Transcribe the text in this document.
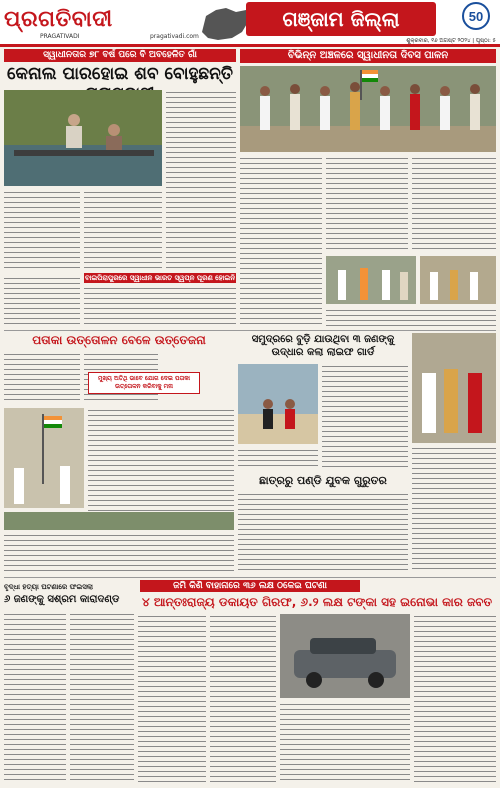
ପ୍ରଗତିବାଦୀ
PRAGATIVADI	pragativadi.com
ଗଞ୍ଜାମ ଜିଲ୍ଲା	50
ଶୁକ୍ରବାର, ୧୬ ଅଗଷ୍ଟ ୨୦୨୪ | ପୃଷ୍ଠା: ୫
ସ୍ୱାଧୀନତାର ୭୮ ବର୍ଷ ପରେ ବି ଅବହେଳିତ ଗାଁ
କେନାଲ ପାରହୋଇ ଶବ ବୋହୁଛନ୍ତି
ବାଇପିରାପୁରରେ ସ୍ୱାଧୀନ ଭାରତ ସ୍ୱପ୍ନ ପୂରଣ ହୋଇନି
ବିଭିନ୍ନ ଅଞ୍ଚଳରେ ସ୍ୱାଧୀନତା ଦିବସ ପାଳନ
ପତାକା ଉତ୍ତୋଳନ ବେଳେ ଉତ୍ତେଜନା
ମୁଖ୍ୟ ଅତିଥି ଭାବେ ଯୋଗ ଦେଇ ପତାକା ଉତ୍ତୋଳନ କରିବାକୁ ମନା
ସମୁଦ୍ରରେ ବୁଡ଼ି ଯାଉଥିବା ୩ ଜଣଙ୍କୁ ଉଦ୍ଧାର କଲା ଲାଇଫ ଗାର୍ଡ
ଛାତ୍ରରୁ ପଣ୍ଡି ଯୁବକ ଗୁରୁତର
ଜମି କିଣି ବାହାନାରେ ୩୬ ଲକ୍ଷ ଠକେଇ ଘଟଣା
ବୃଦ୍ଧା ହତ୍ୟା ଘଟଣାରେ ଫଇସଲା
୬ ଜଣଙ୍କୁ ସଶ୍ରମ କାରାଦଣ୍ଡ	୪ ଆନ୍ତଃରାଜ୍ୟ ଡକାୟତ ଗିରଫ, ୬.୨ ଲକ୍ଷ ଟଙ୍କା ସହ ଇନୋଭା କାର ଜବତ
